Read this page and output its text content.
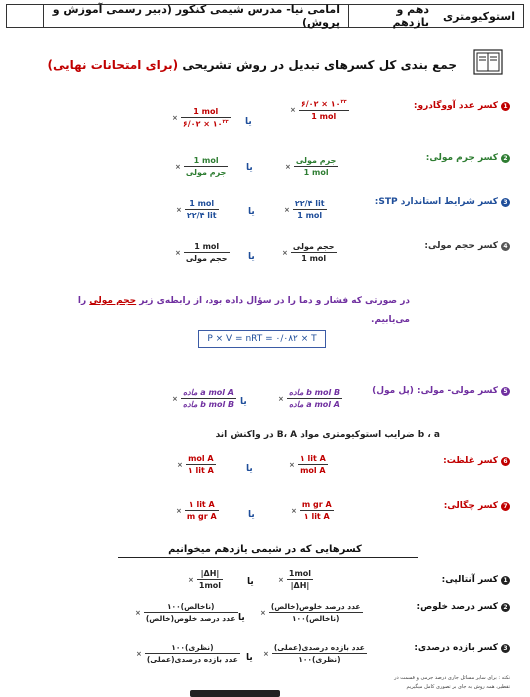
استوکیومتری
دهم و یازدهم
امامی نیا- مدرس شیمی کنکور (دبیر رسمی آموزش و پروش)
جمع بندی کل کسرهای تبدیل در روش تشریحی (برای امتحانات نهایی)
1کسر عدد آووگادرو:
×
۶/۰۲ × $۱۰^{۲۳}$
1 mol
یا
×
1 mol
۶/۰۲ × $۱۰^{۲۳}$
2کسر جرم مولی:
×
جرم مولی
1 mol
یا
×
1 mol
جرم مولی
3کسر شرایط استاندارد STP:
×
۲۲/۴ lit
1 mol
یا
×
1 mol
۲۲/۴ lit
4کسر حجم مولی:
×
حجم مولی
1 mol
یا
×
1 mol
حجم مولی
در صورتی که فشار و دما را در سؤال داده بود، از رابطه‌ی زیر حجم مولی را
می‌یابیم.
P × V = nRT = ۰/۰۸۲ × T
5کسر مولی- مولی: (پل مول)
×
ماده b mol B
ماده a mol A
یا
×
ماده a mol A
ماده b mol B
b ، a ضرایب استوکیومتری مواد B، A در واکنش اند
6کسر غلظت:
×
۱ lit A
mol A
یا
×
mol A
۱ lit A
7کسر چگالی:
×
m gr A
۱ lit A
یا
×
۱ lit A
m gr A
کسرهایی که در شیمی یازدهم میخوانیم
1کسر آنتالپی:
×
1mol
|ΔH|
یا
×
|ΔH|
1mol
2کسر درصد خلوص:
×
عدد درصد خلوص(خالص)
۱۰۰(ناخالص)
یا
×
۱۰۰(ناخالص)
عدد درصد خلوص(خالص)
3کسر بازده درصدی:
×
عدد بازده درصدی(عملی)
۱۰۰(نظری)
یا
×
۱۰۰(نظری)
عدد بازده درصدی(عملی)
نکته : برای سایر مسائل جاری درصد جرمی و قسمت در
تقطیر، همه روش به جای بر تصوری کامل میگیریم
